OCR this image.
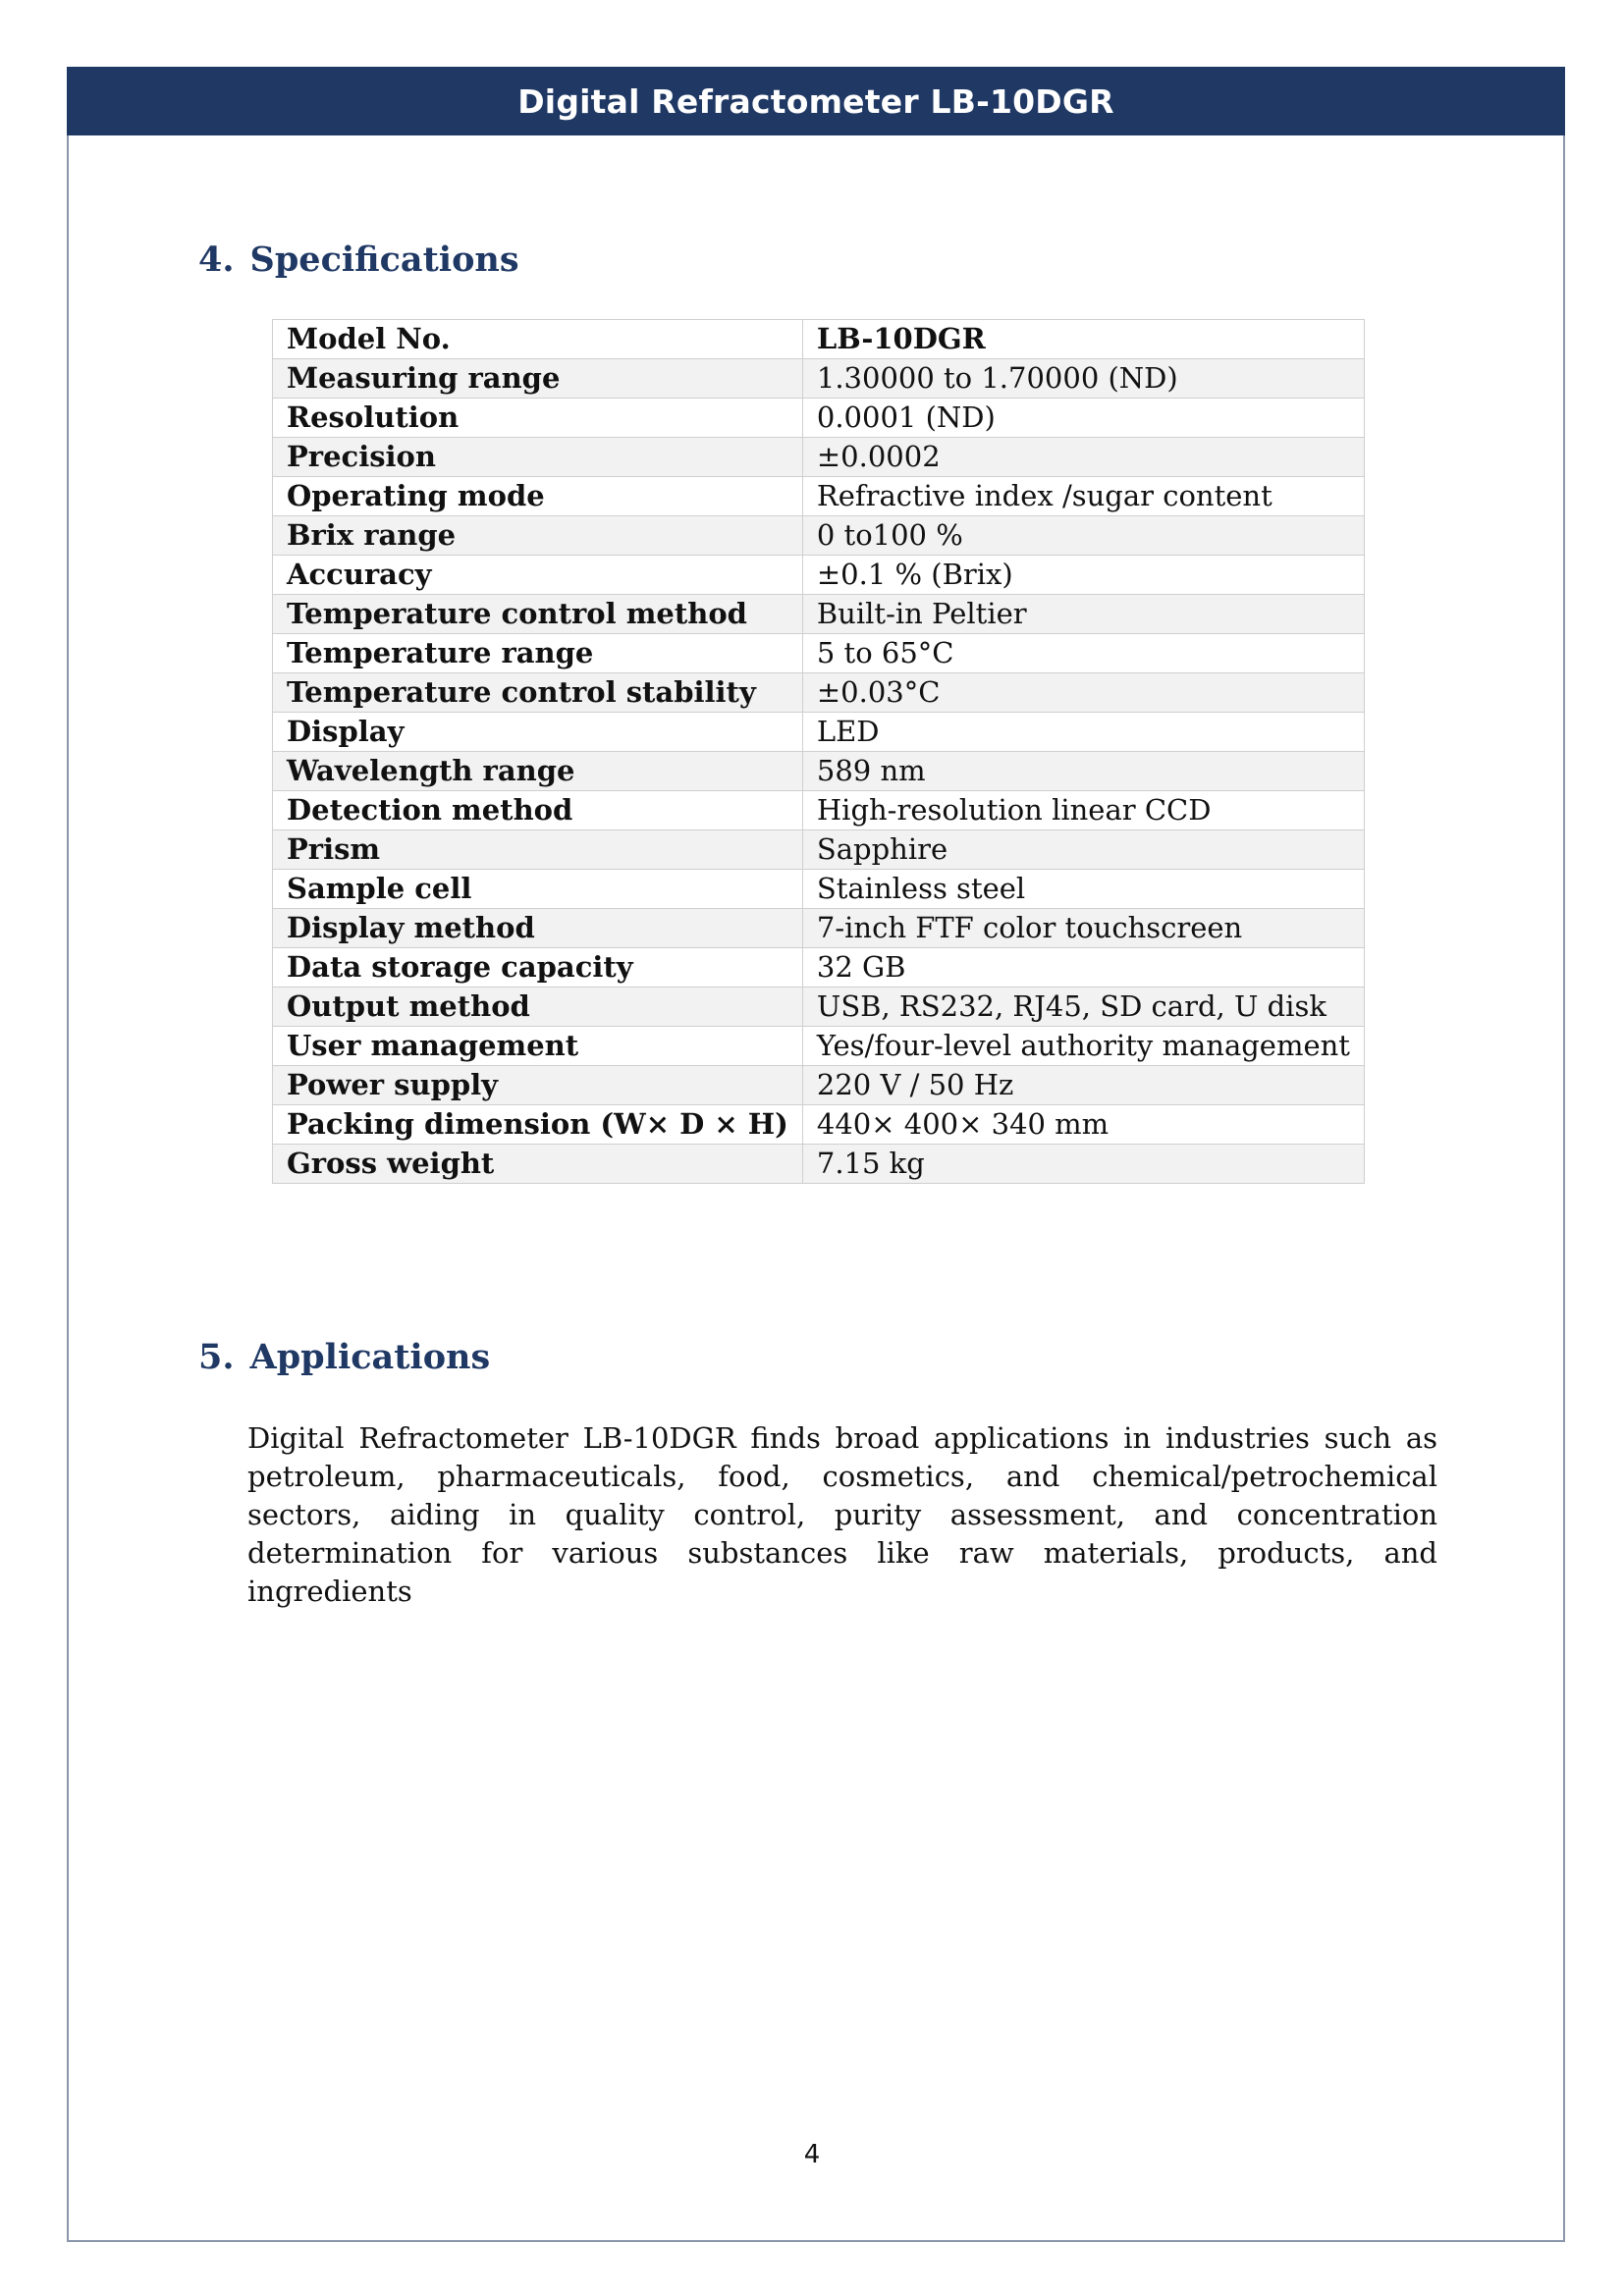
Digital Refractometer LB-10DGR
4. Specifications
Model No.	LB-10DGR
Measuring range	1.30000 to 1.70000 (ND)
Resolution	0.0001 (ND)
Precision	±0.0002
Operating mode	Refractive index /sugar content
Brix range	0 to100 %
Accuracy	±0.1 % (Brix)
Temperature control method	Built-in Peltier
Temperature range	5 to 65°C
Temperature control stability	±0.03°C
Display	LED
Wavelength range	589 nm
Detection method	High-resolution linear CCD
Prism	Sapphire
Sample cell	Stainless steel
Display method	7-inch FTF color touchscreen
Data storage capacity	32 GB
Output method	USB, RS232, RJ45, SD card, U disk
User management	Yes/four-level authority management
Power supply	220 V / 50 Hz
Packing dimension (W× D × H)	440× 400× 340 mm
Gross weight	7.15 kg
5. Applications
Digital Refractometer LB-10DGR finds broad applications in industries such as petroleum, pharmaceuticals, food, cosmetics, and chemical/petrochemical sectors, aiding in quality control, purity assessment, and concentration determination for various substances like raw materials, products, and ingredients
4
